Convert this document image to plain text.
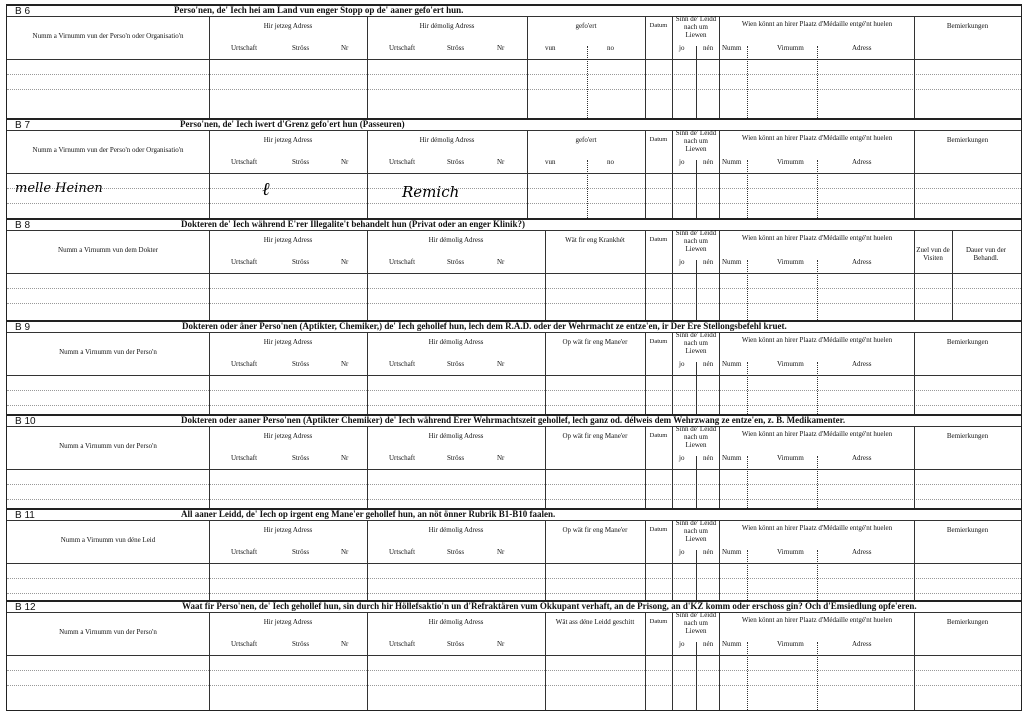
B 6	Perso'nen, de' Iech hei am Land vun enger Stopp op de' aaner gefo'ert hun.
Numm a Virnumm vun der Perso'n oder Organisatio'n
Hir jetzeg Adress
Urtschaft	Ströss	Nr
Hir démolig Adress
Urtschaft	Ströss	Nr
gefo'ert
vun	no
Datum
Sinn de' Leidd nach um Liewen
jo	nén
Wien könnt an hirer Plaatz d'Médaille entgé'nt huelen
Numm	Virnumm	Adress
Bemierkungen
B 7	Perso'nen, de' Iech iwert d'Grenz gefo'ert hun (Passeuren)
Numm a Virnumm vun der Perso'n oder Organisatio'n
Hir jetzeg Adress
Urtschaft	Ströss	Nr
Hir démolig Adress
Urtschaft	Ströss	Nr
gefo'ert
vun	no
Datum
Sinn de' Leidd nach um Liewen
jo	nén
Wien könnt an hirer Plaatz d'Médaille entgé'nt huelen
Numm	Virnumm	Adress
Bemierkungen
melle Heinen	ℓ	Remich
B 8	Dokteren de' Iech während E'rer Illegalite't behandelt hun (Privat oder an enger Klinik?)
Numm a Virnumm vun dem Dokter
Hir jetzeg Adress
Urtschaft	Ströss	Nr
Hir démolig Adress
Urtschaft	Ströss	Nr
Wät fir eng Krankhét	Datum
Sinn de' Leidd nach um Liewen
jo	nén
Wien könnt an hirer Plaatz d'Médaille entgé'nt huelen
Numm	Virnumm	Adress
Zuel vun de Visiten
Dauer vun der Behandl.
B 9	Dokteren oder âner Perso'nen (Aptikter, Chemiker,) de' Iech gehollef hun, lech dem R.A.D. oder der Wehrmacht ze entze'en, ir Der Ere Stellongsbefehl kruet.
Numm a Virnumm vun der Perso'n
Hir jetzeg Adress
Urtschaft	Ströss	Nr
Hir démolig Adress
Urtschaft	Ströss	Nr
Op wät fir eng Mane'er	Datum
Sinn de' Leidd nach um Liewen
jo	nén
Wien könnt an hirer Plaatz d'Médaille entgé'nt huelen
Numm	Virnumm	Adress
Bemierkungen
B 10	Dokteren oder aaner Perso'nen (Aptikter Chemiker) de' Iech während Erer Wehrmachtszeit gehollef, lech ganz od. délweis dem Wehrzwang ze entze'en, z. B. Medikamenter.
Numm a Virnumm vun der Perso'n
Hir jetzeg Adress
Urtschaft	Ströss	Nr
Hir démolig Adress
Urtschaft	Ströss	Nr
Op wät fir eng Mane'er	Datum
Sinn de' Leidd nach um Liewen
jo	nén
Wien könnt an hirer Plaatz d'Médaille entgé'nt huelen
Numm	Virnumm	Adress
Bemierkungen
B 11	All aaner Leidd, de' Iech op irgent eng Mane'er gehollef hun, an nöt önner Rubrik B1-B10 faalen.
Numm a Virnumm vun déne Leid
Hir jetzeg Adress
Urtschaft	Ströss	Nr
Hir démolig Adress
Urtschaft	Ströss	Nr
Op wät fir eng Mane'er	Datum
Sinn de' Leidd nach um Liewen
jo	nén
Wien könnt an hirer Plaatz d'Médaille entgé'nt huelen
Numm	Virnumm	Adress
Bemierkungen
B 12	Waat fir Perso'nen, de' Iech gehollef hun, sin durch hir Höllefsaktio'n un d'Refraktären vum Okkupant verhaft, an de Prisong, an d'KZ komm oder erschoss gin? Och d'Emsiedlung opfe'eren.
Numm a Virnumm vun der Perso'n
Hir jetzeg Adress
Urtschaft	Ströss	Nr
Hir démolig Adress
Urtschaft	Ströss	Nr
Wät ass déne Leidd geschitt	Datum
Sinn de' Leidd nach um Liewen
jo	nén
Wien könnt an hirer Plaatz d'Médaille entgé'nt huelen
Numm	Virnumm	Adress
Bemierkungen
